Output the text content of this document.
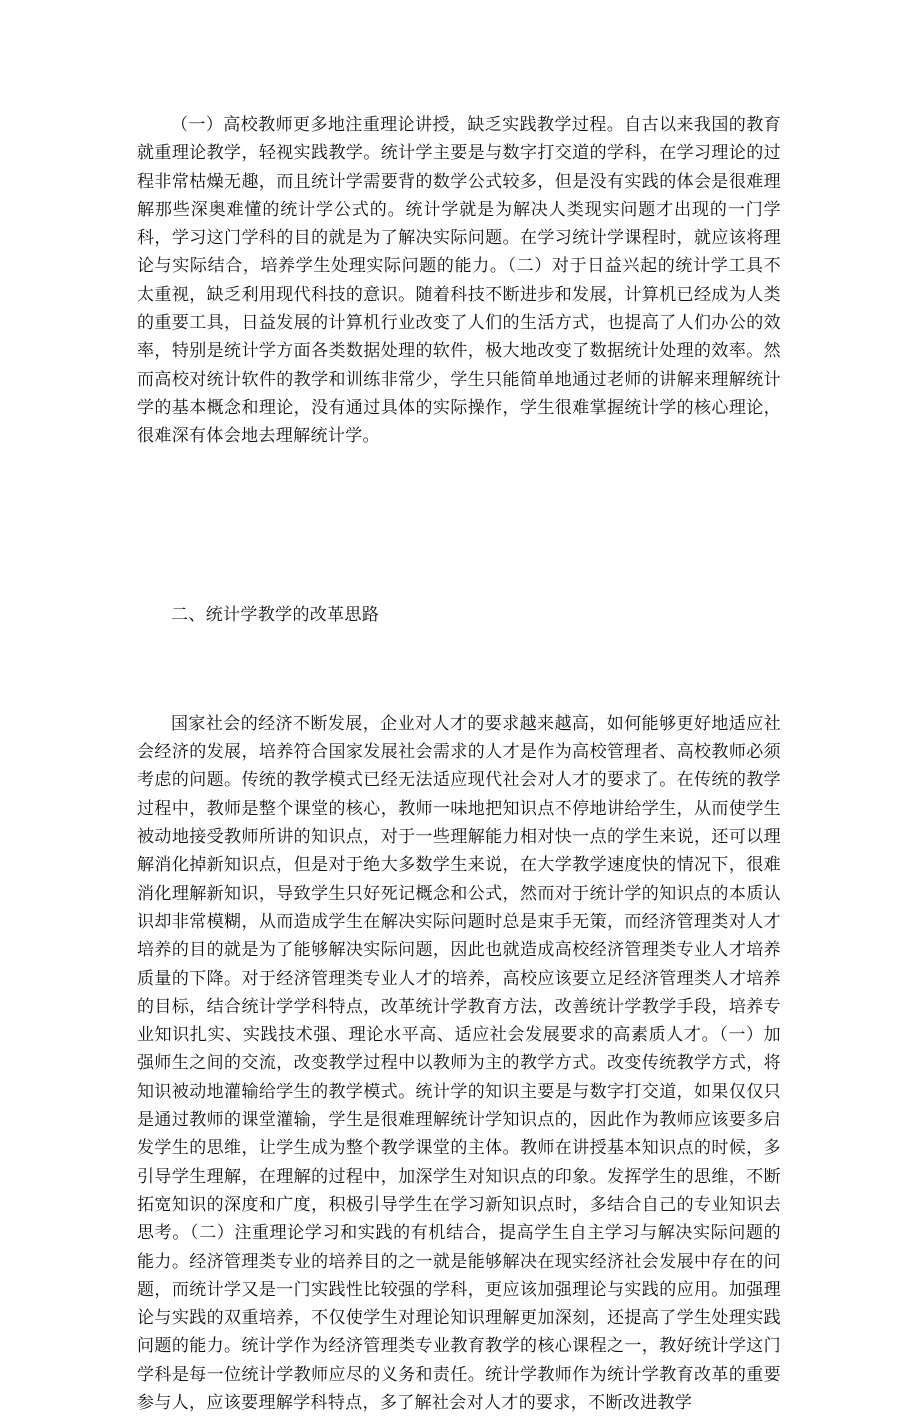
（一）高校教师更多地注重理论讲授，缺乏实践教学过程。自古以来我国的教育就重理论教学，轻视实践教学。统计学主要是与数字打交道的学科，在学习理论的过程非常枯燥无趣，而且统计学需要背的数学公式较多，但是没有实践的体会是很难理解那些深奥难懂的统计学公式的。统计学就是为解决人类现实问题才出现的一门学科，学习这门学科的目的就是为了解决实际问题。在学习统计学课程时，就应该将理论与实际结合，培养学生处理实际问题的能力。（二）对于日益兴起的统计学工具不太重视，缺乏利用现代科技的意识。随着科技不断进步和发展，计算机已经成为人类的重要工具，日益发展的计算机行业改变了人们的生活方式，也提高了人们办公的效率，特别是统计学方面各类数据处理的软件，极大地改变了数据统计处理的效率。然而高校对统计软件的教学和训练非常少，学生只能简单地通过老师的讲解来理解统计学的基本概念和理论，没有通过具体的实际操作，学生很难掌握统计学的核心理论，很难深有体会地去理解统计学。

二、统计学教学的改革思路

国家社会的经济不断发展，企业对人才的要求越来越高，如何能够更好地适应社会经济的发展，培养符合国家发展社会需求的人才是作为高校管理者、高校教师必须考虑的问题。传统的教学模式已经无法适应现代社会对人才的要求了。在传统的教学过程中，教师是整个课堂的核心，教师一味地把知识点不停地讲给学生，从而使学生被动地接受教师所讲的知识点，对于一些理解能力相对快一点的学生来说，还可以理解消化掉新知识点，但是对于绝大多数学生来说，在大学教学速度快的情况下，很难消化理解新知识，导致学生只好死记概念和公式，然而对于统计学的知识点的本质认识却非常模糊，从而造成学生在解决实际问题时总是束手无策，而经济管理类对人才培养的目的就是为了能够解决实际问题，因此也就造成高校经济管理类专业人才培养质量的下降。对于经济管理类专业人才的培养，高校应该要立足经济管理类人才培养的目标，结合统计学学科特点，改革统计学教育方法，改善统计学教学手段，培养专业知识扎实、实践技术强、理论水平高、适应社会发展要求的高素质人才。（一）加强师生之间的交流，改变教学过程中以教师为主的教学方式。改变传统教学方式，将知识被动地灌输给学生的教学模式。统计学的知识主要是与数字打交道，如果仅仅只是通过教师的课堂灌输，学生是很难理解统计学知识点的，因此作为教师应该要多启发学生的思维，让学生成为整个教学课堂的主体。教师在讲授基本知识点的时候，多引导学生理解，在理解的过程中，加深学生对知识点的印象。发挥学生的思维，不断拓宽知识的深度和广度，积极引导学生在学习新知识点时，多结合自己的专业知识去思考。（二）注重理论学习和实践的有机结合，提高学生自主学习与解决实际问题的能力。经济管理类专业的培养目的之一就是能够解决在现实经济社会发展中存在的问题，而统计学又是一门实践性比较强的学科，更应该加强理论与实践的应用。加强理论与实践的双重培养，不仅使学生对理论知识理解更加深刻，还提高了学生处理实践问题的能力。统计学作为经济管理类专业教育教学的核心课程之一，教好统计学这门学科是每一位统计学教师应尽的义务和责任。统计学教师作为统计学教育改革的重要参与人，应该要理解学科特点，多了解社会对人才的要求，不断改进教学
